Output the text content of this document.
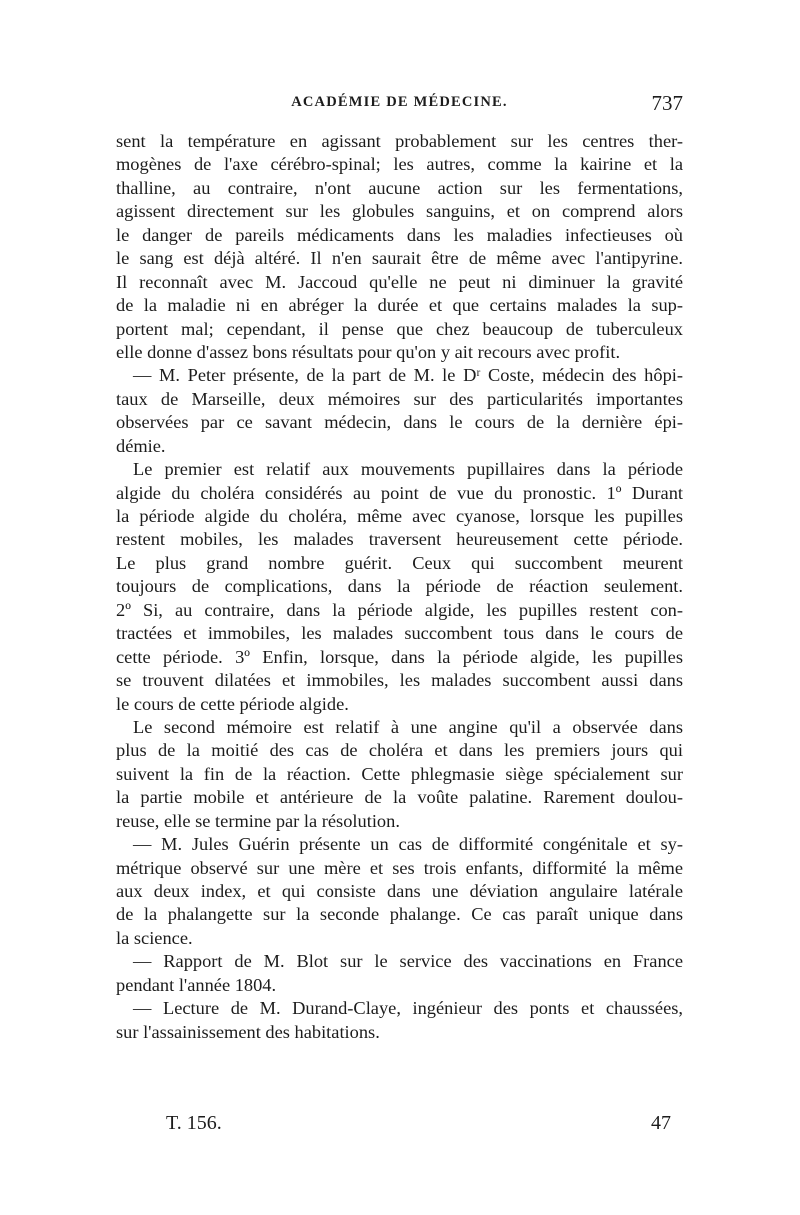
ACADÉMIE DE MÉDECINE.	737
sent la température en agissant probablement sur les centres ther-
mogènes de l'axe cérébro-spinal; les autres, comme la kairine et la
thalline, au contraire, n'ont aucune action sur les fermentations,
agissent directement sur les globules sanguins, et on comprend alors
le danger de pareils médicaments dans les maladies infectieuses où
le sang est déjà altéré. Il n'en saurait être de même avec l'antipyrine.
Il reconnaît avec M. Jaccoud qu'elle ne peut ni diminuer la gravité
de la maladie ni en abréger la durée et que certains malades la sup-
portent mal; cependant, il pense que chez beaucoup de tuberculeux
elle donne d'assez bons résultats pour qu'on y ait recours avec profit.
— M. Peter présente, de la part de M. le Dʳ Coste, médecin des hôpi-
taux de Marseille, deux mémoires sur des particularités importantes
observées par ce savant médecin, dans le cours de la dernière épi-
démie.
Le premier est relatif aux mouvements pupillaires dans la période
algide du choléra considérés au point de vue du pronostic. 1º Durant
la période algide du choléra, même avec cyanose, lorsque les pupilles
restent mobiles, les malades traversent heureusement cette période.
Le plus grand nombre guérit. Ceux qui succombent meurent
toujours de complications, dans la période de réaction seulement.
2º Si, au contraire, dans la période algide, les pupilles restent con-
tractées et immobiles, les malades succombent tous dans le cours de
cette période. 3º Enfin, lorsque, dans la période algide, les pupilles
se trouvent dilatées et immobiles, les malades succombent aussi dans
le cours de cette période algide.
Le second mémoire est relatif à une angine qu'il a observée dans
plus de la moitié des cas de choléra et dans les premiers jours qui
suivent la fin de la réaction. Cette phlegmasie siège spécialement sur
la partie mobile et antérieure de la voûte palatine. Rarement doulou-
reuse, elle se termine par la résolution.
— M. Jules Guérin présente un cas de difformité congénitale et sy-
métrique observé sur une mère et ses trois enfants, difformité la même
aux deux index, et qui consiste dans une déviation angulaire latérale
de la phalangette sur la seconde phalange. Ce cas paraît unique dans
la science.
— Rapport de M. Blot sur le service des vaccinations en France
pendant l'année 1804.
— Lecture de M. Durand-Claye, ingénieur des ponts et chaussées,
sur l'assainissement des habitations.
T. 156.	47
